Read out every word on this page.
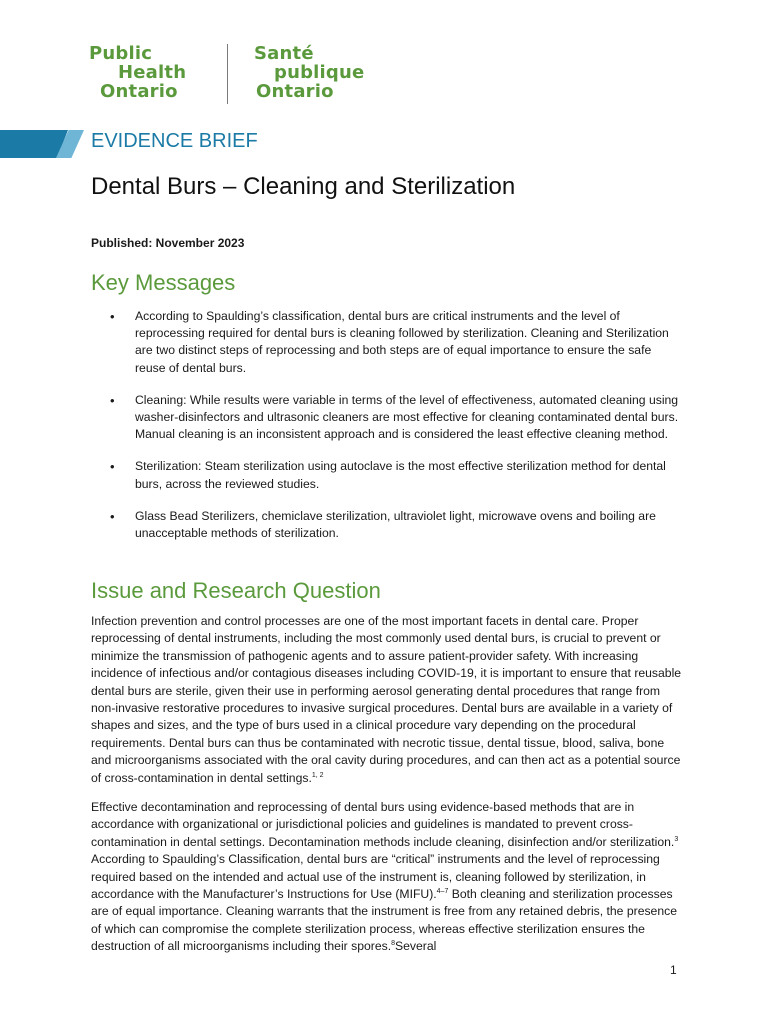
Public
Health
Ontario
Santé
publique
Ontario
EVIDENCE BRIEF
Dental Burs – Cleaning and Sterilization
Published: November 2023
Key Messages
• According to Spaulding’s classification, dental burs are critical instruments and the level of reprocessing required for dental burs is cleaning followed by sterilization. Cleaning and Sterilization are two distinct steps of reprocessing and both steps are of equal importance to ensure the safe reuse of dental burs.
• Cleaning: While results were variable in terms of the level of effectiveness, automated cleaning using washer-disinfectors and ultrasonic cleaners are most effective for cleaning contaminated dental burs. Manual cleaning is an inconsistent approach and is considered the least effective cleaning method.
• Sterilization: Steam sterilization using autoclave is the most effective sterilization method for dental burs, across the reviewed studies.
• Glass Bead Sterilizers, chemiclave sterilization, ultraviolet light, microwave ovens and boiling are unacceptable methods of sterilization.
Issue and Research Question

Infection prevention and control processes are one of the most important facets in dental care. Proper reprocessing of dental instruments, including the most commonly used dental burs, is crucial to prevent or minimize the transmission of pathogenic agents and to assure patient-provider safety. With increasing incidence of infectious and/or contagious diseases including COVID-19, it is important to ensure that reusable dental burs are sterile, given their use in performing aerosol generating dental procedures that range from non-invasive restorative procedures to invasive surgical procedures. Dental burs are available in a variety of shapes and sizes, and the type of burs used in a clinical procedure vary depending on the procedural requirements. Dental burs can thus be contaminated with necrotic tissue, dental tissue, blood, saliva, bone and microorganisms associated with the oral cavity during procedures, and can then act as a potential source of cross-contamination in dental settings.$^{1, 2}$

Effective decontamination and reprocessing of dental burs using evidence-based methods that are in accordance with organizational or jurisdictional policies and guidelines is mandated to prevent cross-contamination in dental settings. Decontamination methods include cleaning, disinfection and/or sterilization.$^3$ According to Spaulding’s Classification, dental burs are “critical” instruments and the level of reprocessing required based on the intended and actual use of the instrument is, cleaning followed by sterilization, in accordance with the Manufacturer’s Instructions for Use (MIFU).$^{4-7}$ Both cleaning and sterilization processes are of equal importance. Cleaning warrants that the instrument is free from any retained debris, the presence of which can compromise the complete sterilization process, whereas effective sterilization ensures the destruction of all microorganisms including their spores.$^8$Several

1
